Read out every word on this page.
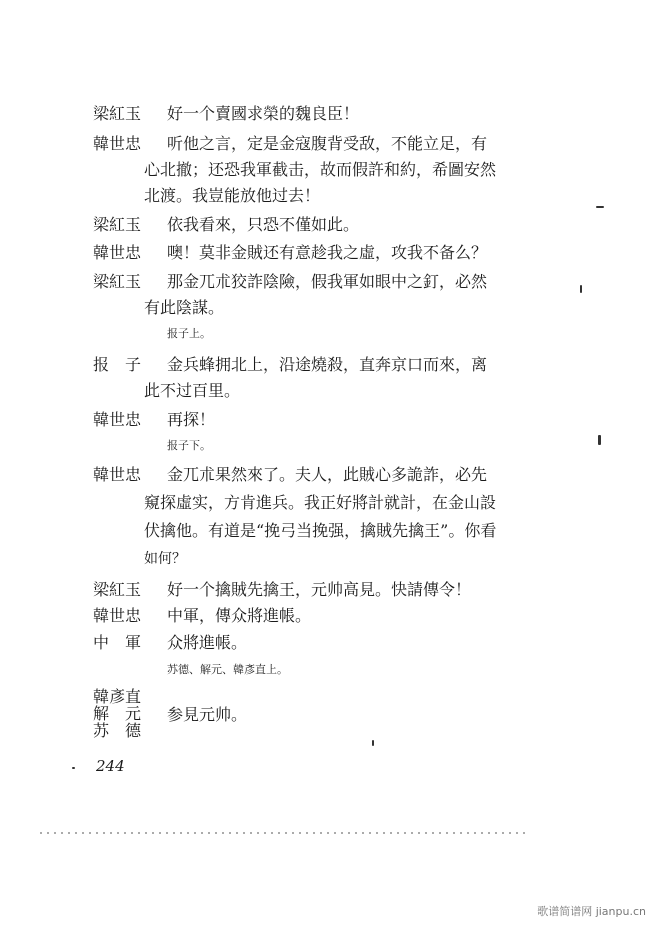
梁紅玉 好一个賣國求榮的魏良臣！
韓世忠 听他之言，定是金寇腹背受敌，不能立足，有
心北撤；还恐我軍截击，故而假許和約，希圖安然
北渡。我豈能放他过去！
梁紅玉 依我看來，只恐不僅如此。
韓世忠 噢！莫非金賊还有意趁我之虛，攻我不备么？
梁紅玉 那金兀朮狡詐陰險，假我軍如眼中之釘，必然
有此陰謀。
报子上。
报　子 金兵蜂拥北上，沿途燒殺，直奔京口而來，离
此不过百里。
韓世忠 再探！
报子下。
韓世忠 金兀朮果然來了。夫人，此賊心多詭詐，必先
窺探虛实，方肯進兵。我正好將計就計，在金山設
伏擒他。有道是“挽弓当挽强，擒賊先擒王”。你看
如何？
梁紅玉 好一个擒賊先擒王，元帅高見。快請傳令！
韓世忠 中軍，傳众將進帳。
中　軍 众將進帳。
苏德、解元、韓彥直上。
韓彥直
解　元
苏　德
参見元帅。
244
歌谱简谱网 jianpu.cn
